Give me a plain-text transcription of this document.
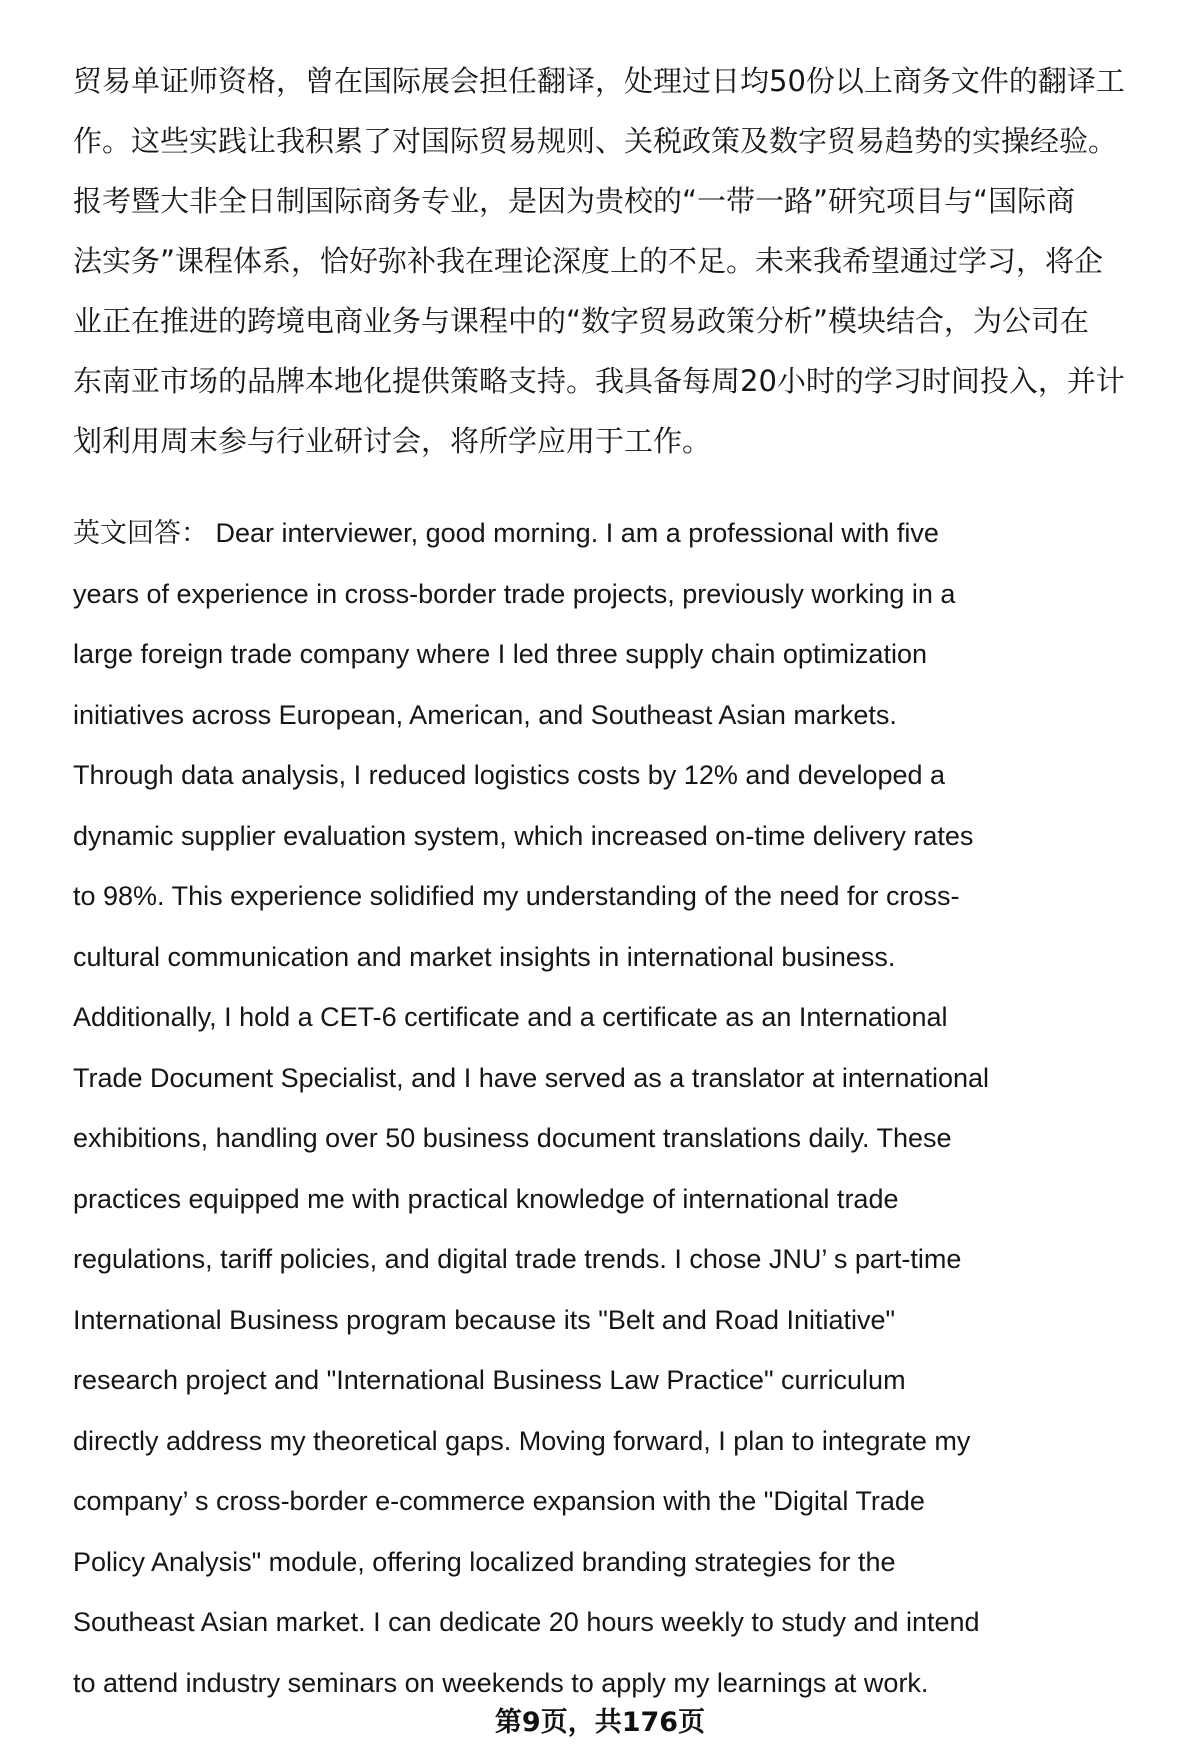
贸易单证师资格，曾在国际展会担任翻译，处理过日均50份以上商务文件的翻译工
作。这些实践让我积累了对国际贸易规则、关税政策及数字贸易趋势的实操经验。
报考暨大非全日制国际商务专业，是因为贵校的“一带一路”研究项目与“国际商
法实务”课程体系，恰好弥补我在理论深度上的不足。未来我希望通过学习，将企
业正在推进的跨境电商业务与课程中的“数字贸易政策分析”模块结合，为公司在
东南亚市场的品牌本地化提供策略支持。我具备每周20小时的学习时间投入，并计
划利用周末参与行业研讨会，将所学应用于工作。
英文回答： Dear interviewer, good morning. I am a professional with five
years of experience in cross-border trade projects, previously working in a
large foreign trade company where I led three supply chain optimization
initiatives across European, American, and Southeast Asian markets.
Through data analysis, I reduced logistics costs by 12% and developed a
dynamic supplier evaluation system, which increased on-time delivery rates
to 98%. This experience solidified my understanding of the need for cross-
cultural communication and market insights in international business.
Additionally, I hold a CET-6 certificate and a certificate as an International
Trade Document Specialist, and I have served as a translator at international
exhibitions, handling over 50 business document translations daily. These
practices equipped me with practical knowledge of international trade
regulations, tariff policies, and digital trade trends. I chose JNU’ s part-time
International Business program because its "Belt and Road Initiative"
research project and "International Business Law Practice" curriculum
directly address my theoretical gaps. Moving forward, I plan to integrate my
company’ s cross-border e-commerce expansion with the "Digital Trade
Policy Analysis" module, offering localized branding strategies for the
Southeast Asian market. I can dedicate 20 hours weekly to study and intend
to attend industry seminars on weekends to apply my learnings at work.
第9页，共176页
